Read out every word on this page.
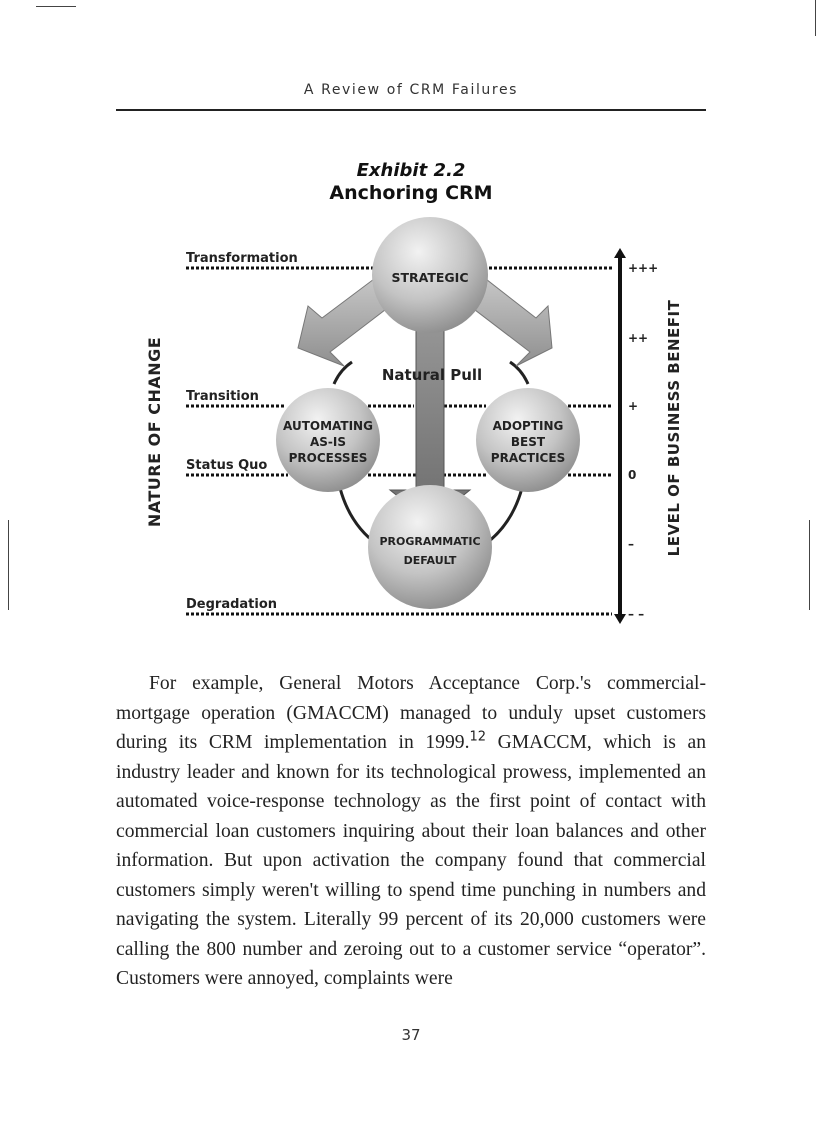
A Review of CRM Failures
Exhibit 2.2
Anchoring CRM
Transformation
Transition
Status Quo
Degradation
+++
++
+
0
–
– –
STRATEGIC
AUTOMATING
AS-IS
PROCESSES
ADOPTING
BEST
PRACTICES
PROGRAMMATIC
DEFAULT
Natural Pull
NATURE OF CHANGE	LEVEL OF BUSINESS BENEFIT

For example, General Motors Acceptance Corp.'s commercial-mortgage operation (GMACCM) managed to unduly upset customers during its CRM implementation in 1999.12 GMACCM, which is an industry leader and known for its technological prowess, implemented an automated voice-response technology as the first point of contact with commercial loan customers inquiring about their loan balances and other information. But upon activation the company found that commercial customers simply weren't willing to spend time punching in numbers and navigating the system. Literally 99 percent of its 20,000 customers were calling the 800 number and zeroing out to a customer service “operator”. Customers were annoyed, complaints were

37
